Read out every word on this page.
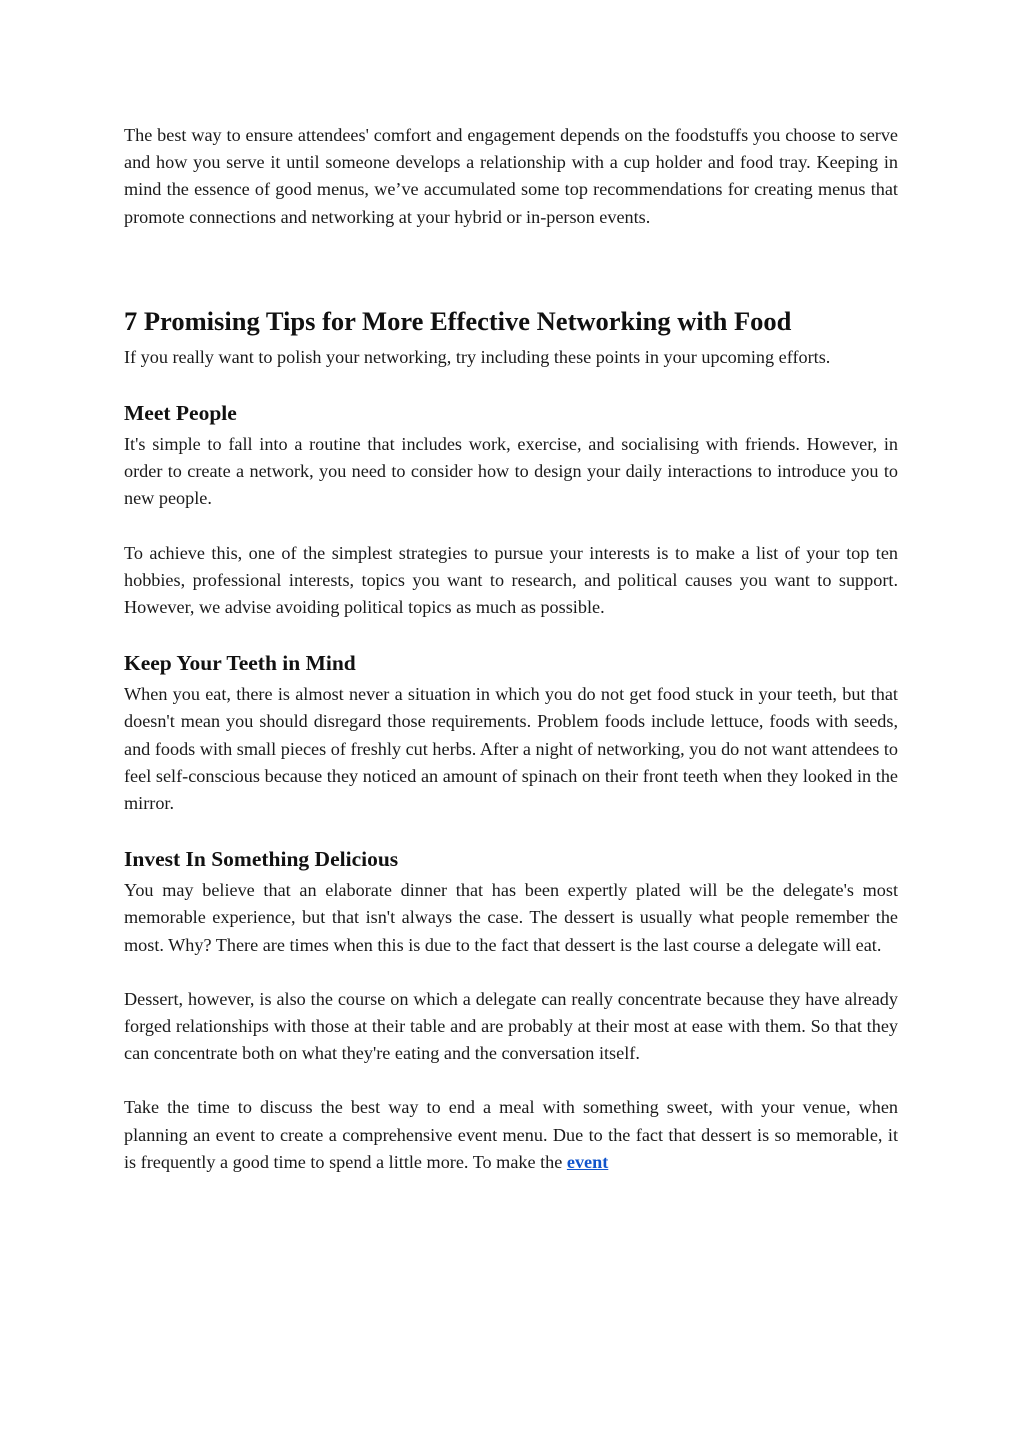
The best way to ensure attendees' comfort and engagement depends on the foodstuffs you choose to serve and how you serve it until someone develops a relationship with a cup holder and food tray. Keeping in mind the essence of good menus, we’ve accumulated some top recommendations for creating menus that promote connections and networking at your hybrid or in-person events.

7 Promising Tips for More Effective Networking with Food

If you really want to polish your networking, try including these points in your upcoming efforts.

Meet People

It's simple to fall into a routine that includes work, exercise, and socialising with friends. However, in order to create a network, you need to consider how to design your daily interactions to introduce you to new people.

To achieve this, one of the simplest strategies to pursue your interests is to make a list of your top ten hobbies, professional interests, topics you want to research, and political causes you want to support. However, we advise avoiding political topics as much as possible.

Keep Your Teeth in Mind

When you eat, there is almost never a situation in which you do not get food stuck in your teeth, but that doesn't mean you should disregard those requirements. Problem foods include lettuce, foods with seeds, and foods with small pieces of freshly cut herbs. After a night of networking, you do not want attendees to feel self-conscious because they noticed an amount of spinach on their front teeth when they looked in the mirror.

Invest In Something Delicious

You may believe that an elaborate dinner that has been expertly plated will be the delegate's most memorable experience, but that isn't always the case. The dessert is usually what people remember the most. Why? There are times when this is due to the fact that dessert is the last course a delegate will eat.

Dessert, however, is also the course on which a delegate can really concentrate because they have already forged relationships with those at their table and are probably at their most at ease with them. So that they can concentrate both on what they're eating and the conversation itself.

Take the time to discuss the best way to end a meal with something sweet, with your venue, when planning an event to create a comprehensive event menu. Due to the fact that dessert is so memorable, it is frequently a good time to spend a little more. To make the event
